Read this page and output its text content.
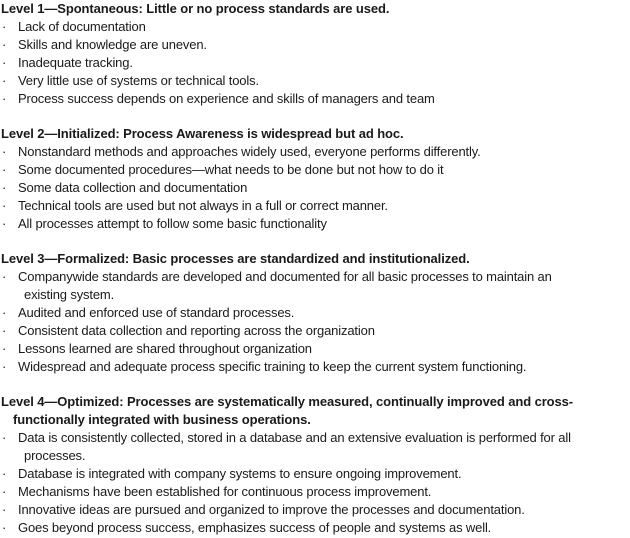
Level 1—Spontaneous: Little or no process standards are used.

· Lack of documentation
· Skills and knowledge are uneven.
· Inadequate tracking.
· Very little use of systems or technical tools.
· Process success depends on experience and skills of managers and team

Level 2—Initialized: Process Awareness is widespread but ad hoc.

· Nonstandard methods and approaches widely used, everyone performs differently.
· Some documented procedures—what needs to be done but not how to do it
· Some data collection and documentation
· Technical tools are used but not always in a full or correct manner.
· All processes attempt to follow some basic functionality

Level 3—Formalized: Basic processes are standardized and institutionalized.

· Companywide standards are developed and documented for all basic processes to maintain an
existing system.
· Audited and enforced use of standard processes.
· Consistent data collection and reporting across the organization
· Lessons learned are shared throughout organization
· Widespread and adequate process specific training to keep the current system functioning.

Level 4—Optimized: Processes are systematically measured, continually improved and cross-
functionally integrated with business operations.

· Data is consistently collected, stored in a database and an extensive evaluation is performed for all
processes.
· Database is integrated with company systems to ensure ongoing improvement.
· Mechanisms have been established for continuous process improvement.
· Innovative ideas are pursued and organized to improve the processes and documentation.
· Goes beyond process success, emphasizes success of people and systems as well.
